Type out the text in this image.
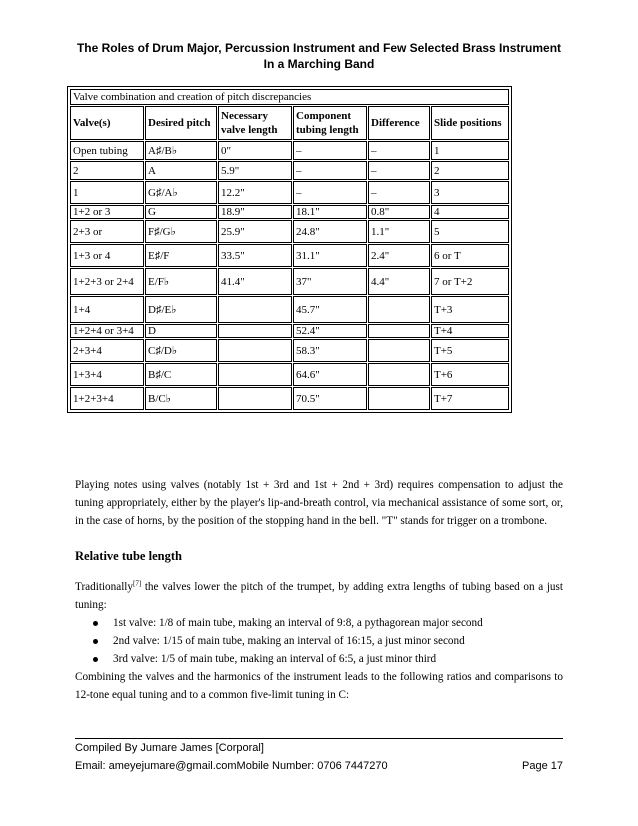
The Roles of Drum Major, Percussion Instrument and Few Selected Brass Instrument
In a Marching Band
Valve combination and creation of pitch discrepancies					
Valve(s)	Desired pitch	Necessary valve length	Component tubing length	Difference	Slide positions
Open tubing	A♯/B♭	0"	–	–	1
2	A	5.9"	–	–	2
1	G♯/A♭	12.2"	–	–	3
1+2 or 3	G	18.9"	18.1"	0.8"	4
2+3 or	F♯/G♭	25.9"	24.8"	1.1"	5
1+3 or 4	E♯/F	33.5"	31.1"	2.4"	6 or T
1+2+3 or 2+4	E/F♭	41.4"	37"	4.4"	7 or T+2
1+4	D♯/E♭		45.7"		T+3
1+2+4 or 3+4	D		52.4"		T+4
2+3+4	C♯/D♭		58.3"		T+5
1+3+4	B♯/C		64.6"		T+6
1+2+3+4	B/C♭		70.5"		T+7
Playing notes using valves (notably 1st + 3rd and 1st + 2nd + 3rd) requires compensation to adjust the tuning appropriately, either by the player's lip-and-breath control, via mechanical assistance of some sort, or, in the case of horns, by the position of the stopping hand in the bell. "T" stands for trigger on a trombone.
Relative tube length
Traditionally[7] the valves lower the pitch of the trumpet, by adding extra lengths of tubing based on a just tuning:
1st valve: 1/8 of main tube, making an interval of 9:8, a pythagorean major second
2nd valve: 1/15 of main tube, making an interval of 16:15, a just minor second
3rd valve: 1/5 of main tube, making an interval of 6:5, a just minor third
Combining the valves and the harmonics of the instrument leads to the following ratios and comparisons to 12-tone equal tuning and to a common five-limit tuning in C:
Compiled By Jumare James [Corporal]
Email: ameyejumare@gmail.comMobile Number: 0706 7447270	Page 17
